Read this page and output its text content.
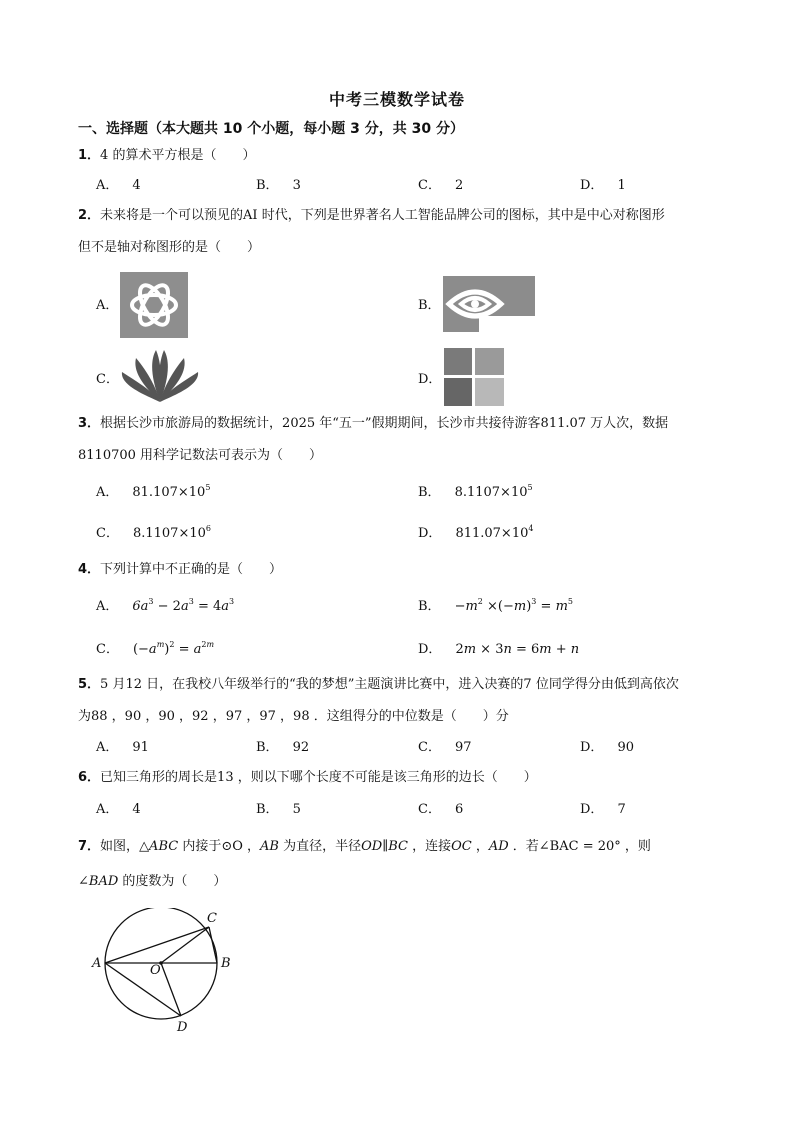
中考三模数学试卷
一、选择题（本大题共 10 个小题，每小题 3 分，共 30 分）
1．4 的算术平方根是（　　）
A． 4	B． 3	C． 2	D． 1
2．未来将是一个可以预见的AI 时代，下列是世界著名人工智能品牌公司的图标，其中是中心对称图形
但不是轴对称图形的是（　　）
A．	B．
C．	D．
3．根据长沙市旅游局的数据统计，2025 年“五一”假期期间，长沙市共接待游客811.07 万人次，数据
8110700 用科学记数法可表示为（　　）
A． $81.107\times 10^5$	B． $8.1107\times 10^5$
C． $8.1107\times 10^6$	D． $811.07\times 10^4$
4．下列计算中不正确的是（　　）
A． $6a^3 - 2a^3 = 4a^3$	B． $-m^2 \times(-m)^3 = m^5$
C． $(-a^m)^2 = a^{2m}$	D． 2m × 3n = 6m + n
5．5 月12 日，在我校八年级举行的“我的梦想”主题演讲比赛中，进入决赛的7 位同学得分由低到高依次
为88 ，90 ，90 ，92 ，97 ，97 ，98 ．这组得分的中位数是（　　）分
A． 91	B． 92	C． 97	D． 90
6．已知三角形的周长是13 ，则以下哪个长度不可能是该三角形的边长（　　）
A． 4	B． 5	C． 6	D． 7
7．如图，△ABC 内接于⊙O ，AB 为直径，半径OD∥BC ，连接OC ，AD ．若∠BAC = 20° ，则
∠BAD 的度数为（　　）
A	B
C
O
D
